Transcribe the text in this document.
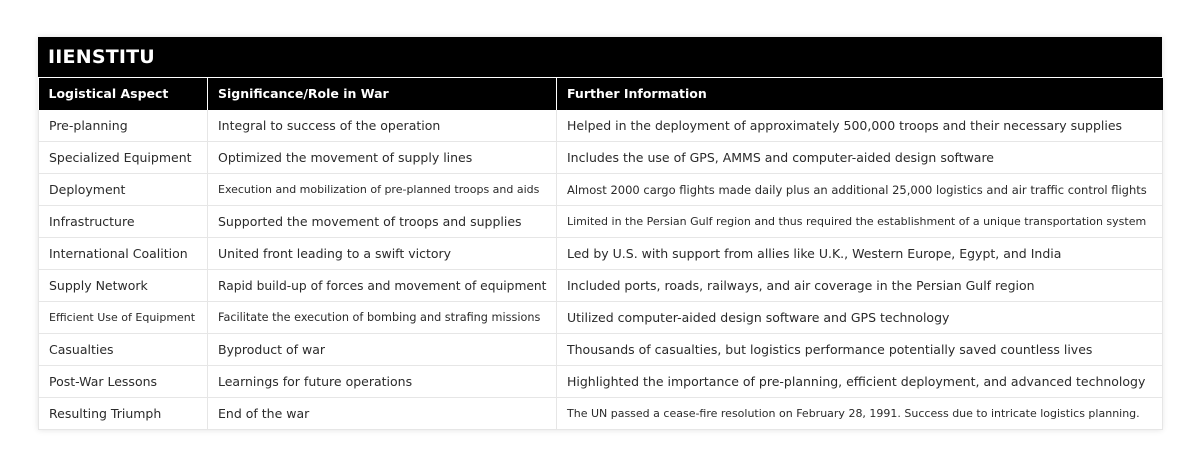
IIENSTITU
Logistical Aspect	Significance/Role in War	Further Information
Pre-planning	Integral to success of the operation	Helped in the deployment of approximately 500,000 troops and their necessary supplies
Specialized Equipment	Optimized the movement of supply lines	Includes the use of GPS, AMMS and computer-aided design software
Deployment	Execution and mobilization of pre-planned troops and aids	Almost 2000 cargo flights made daily plus an additional 25,000 logistics and air traffic control flights
Infrastructure	Supported the movement of troops and supplies	Limited in the Persian Gulf region and thus required the establishment of a unique transportation system
International Coalition	United front leading to a swift victory	Led by U.S. with support from allies like U.K., Western Europe, Egypt, and India
Supply Network	Rapid build-up of forces and movement of equipment	Included ports, roads, railways, and air coverage in the Persian Gulf region
Efficient Use of Equipment	Facilitate the execution of bombing and strafing missions	Utilized computer-aided design software and GPS technology
Casualties	Byproduct of war	Thousands of casualties, but logistics performance potentially saved countless lives
Post-War Lessons	Learnings for future operations	Highlighted the importance of pre-planning, efficient deployment, and advanced technology
Resulting Triumph	End of the war	The UN passed a cease-fire resolution on February 28, 1991. Success due to intricate logistics planning.
